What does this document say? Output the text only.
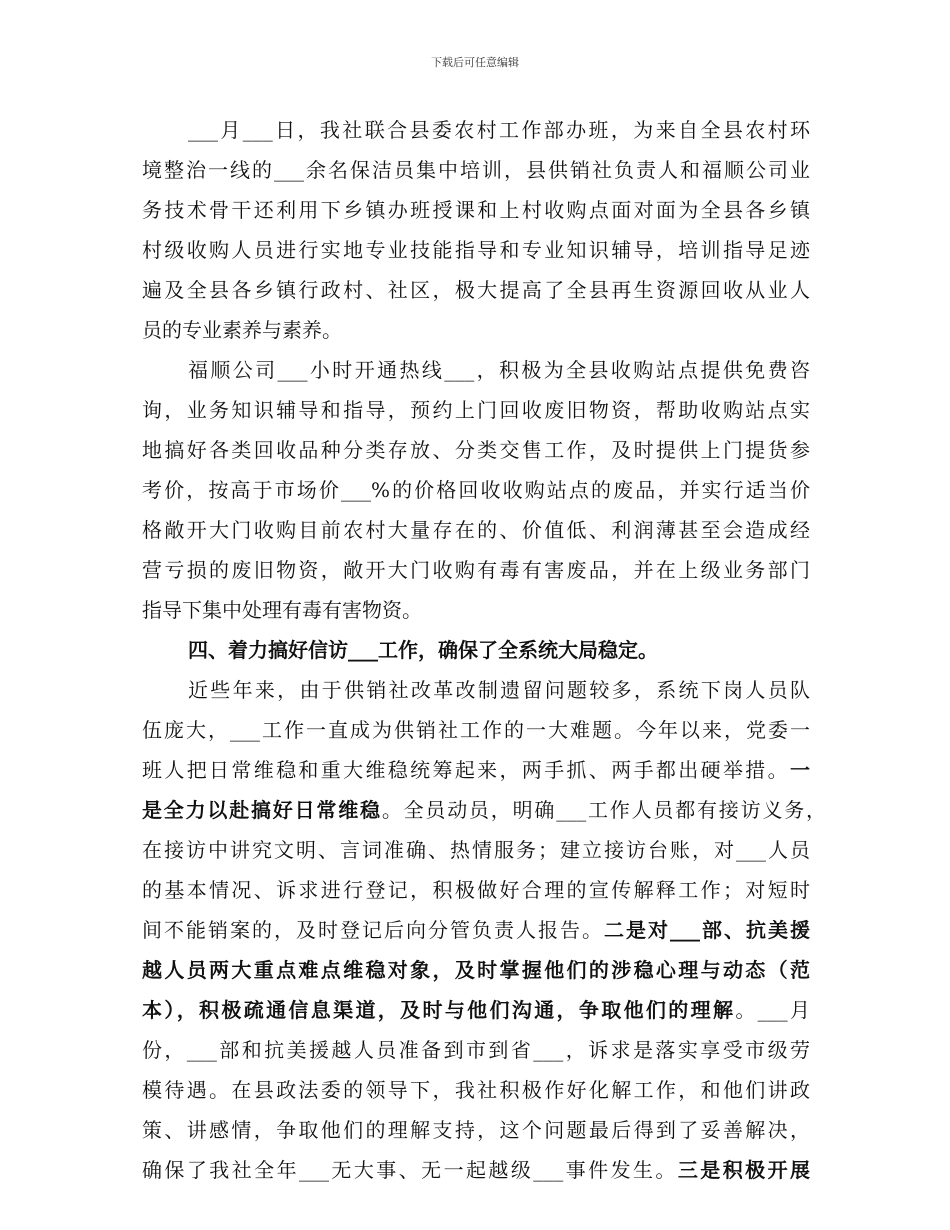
下载后可任意编辑
___月___日，我社联合县委农村工作部办班，为来自全县农村环
境整治一线的___余名保洁员集中培训，县供销社负责人和福顺公司业
务技术骨干还利用下乡镇办班授课和上村收购点面对面为全县各乡镇
村级收购人员进行实地专业技能指导和专业知识辅导，培训指导足迹
遍及全县各乡镇行政村、社区，极大提高了全县再生资源回收从业人
员的专业素养与素养。
福顺公司___小时开通热线___，积极为全县收购站点提供免费咨
询，业务知识辅导和指导，预约上门回收废旧物资，帮助收购站点实
地搞好各类回收品种分类存放、分类交售工作，及时提供上门提货参
考价，按高于市场价___%的价格回收收购站点的废品，并实行适当价
格敞开大门收购目前农村大量存在的、价值低、利润薄甚至会造成经
营亏损的废旧物资，敞开大门收购有毒有害废品，并在上级业务部门
指导下集中处理有毒有害物资。
四、着力搞好信访___工作，确保了全系统大局稳定。
近些年来，由于供销社改革改制遗留问题较多，系统下岗人员队
伍庞大，___工作一直成为供销社工作的一大难题。今年以来，党委一
班人把日常维稳和重大维稳统筹起来，两手抓、两手都出硬举措。一
是全力以赴搞好日常维稳。全员动员，明确___工作人员都有接访义务，
在接访中讲究文明、言词准确、热情服务；建立接访台账，对___人员
的基本情况、诉求进行登记，积极做好合理的宣传解释工作；对短时
间不能销案的，及时登记后向分管负责人报告。二是对___部、抗美援
越人员两大重点难点维稳对象，及时掌握他们的涉稳心理与动态（范
本），积极疏通信息渠道，及时与他们沟通，争取他们的理解。___月
份，___部和抗美援越人员准备到市到省___，诉求是落实享受市级劳
模待遇。在县政法委的领导下，我社积极作好化解工作，和他们讲政
策、讲感情，争取他们的理解支持，这个问题最后得到了妥善解决，
确保了我社全年___无大事、无一起越级___事件发生。三是积极开展
